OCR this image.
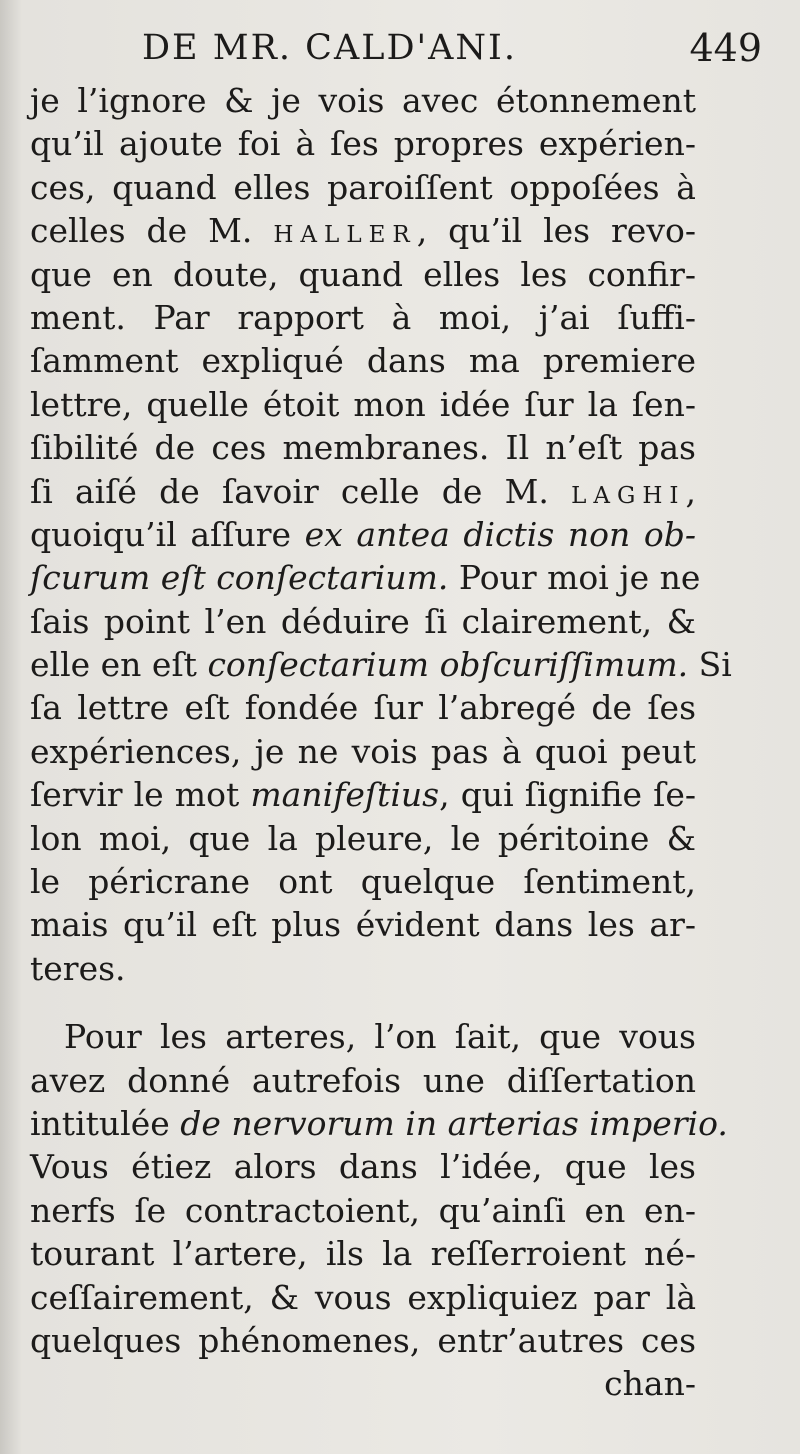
DE MR. CALD'ANI.	449
je l’ignore & je vois avec étonnement
qu’il ajoute foi à ſes propres expérien-
ces, quand elles paroiſſent oppoſées à
celles de M. haller, qu’il les revo-
que en doute, quand elles les confir-
ment. Par rapport à moi, j’ai ſuffi-
ſamment expliqué dans ma premiere
lettre, quelle étoit mon idée ſur la ſen-
ſibilité de ces membranes. Il n’eſt pas
ſi aiſé de ſavoir celle de M. laghi,
quoiqu’il aſſure ex antea dictis non ob-
ſcurum eſt conſectarium. Pour moi je ne
ſais point l’en déduire ſi clairement, &
elle en eſt conſectarium obſcuriſſimum. Si
ſa lettre eſt fondée ſur l’abregé de ſes
expériences, je ne vois pas à quoi peut
ſervir le mot manifeſtius, qui ſignifie ſe-
lon moi, que la pleure, le péritoine &
le péricrane ont quelque ſentiment,
mais qu’il eſt plus évident dans les ar-
teres.
Pour les arteres, l’on ſait, que vous
avez donné autrefois une diſſertation
intitulée de nervorum in arterias imperio.
Vous étiez alors dans l’idée, que les
nerfs ſe contractoient, qu’ainſi en en-
tourant l’artere, ils la reſſerroient né-
ceſſairement, & vous expliquiez par là
quelques phénomenes, entr’autres ces
chan-
